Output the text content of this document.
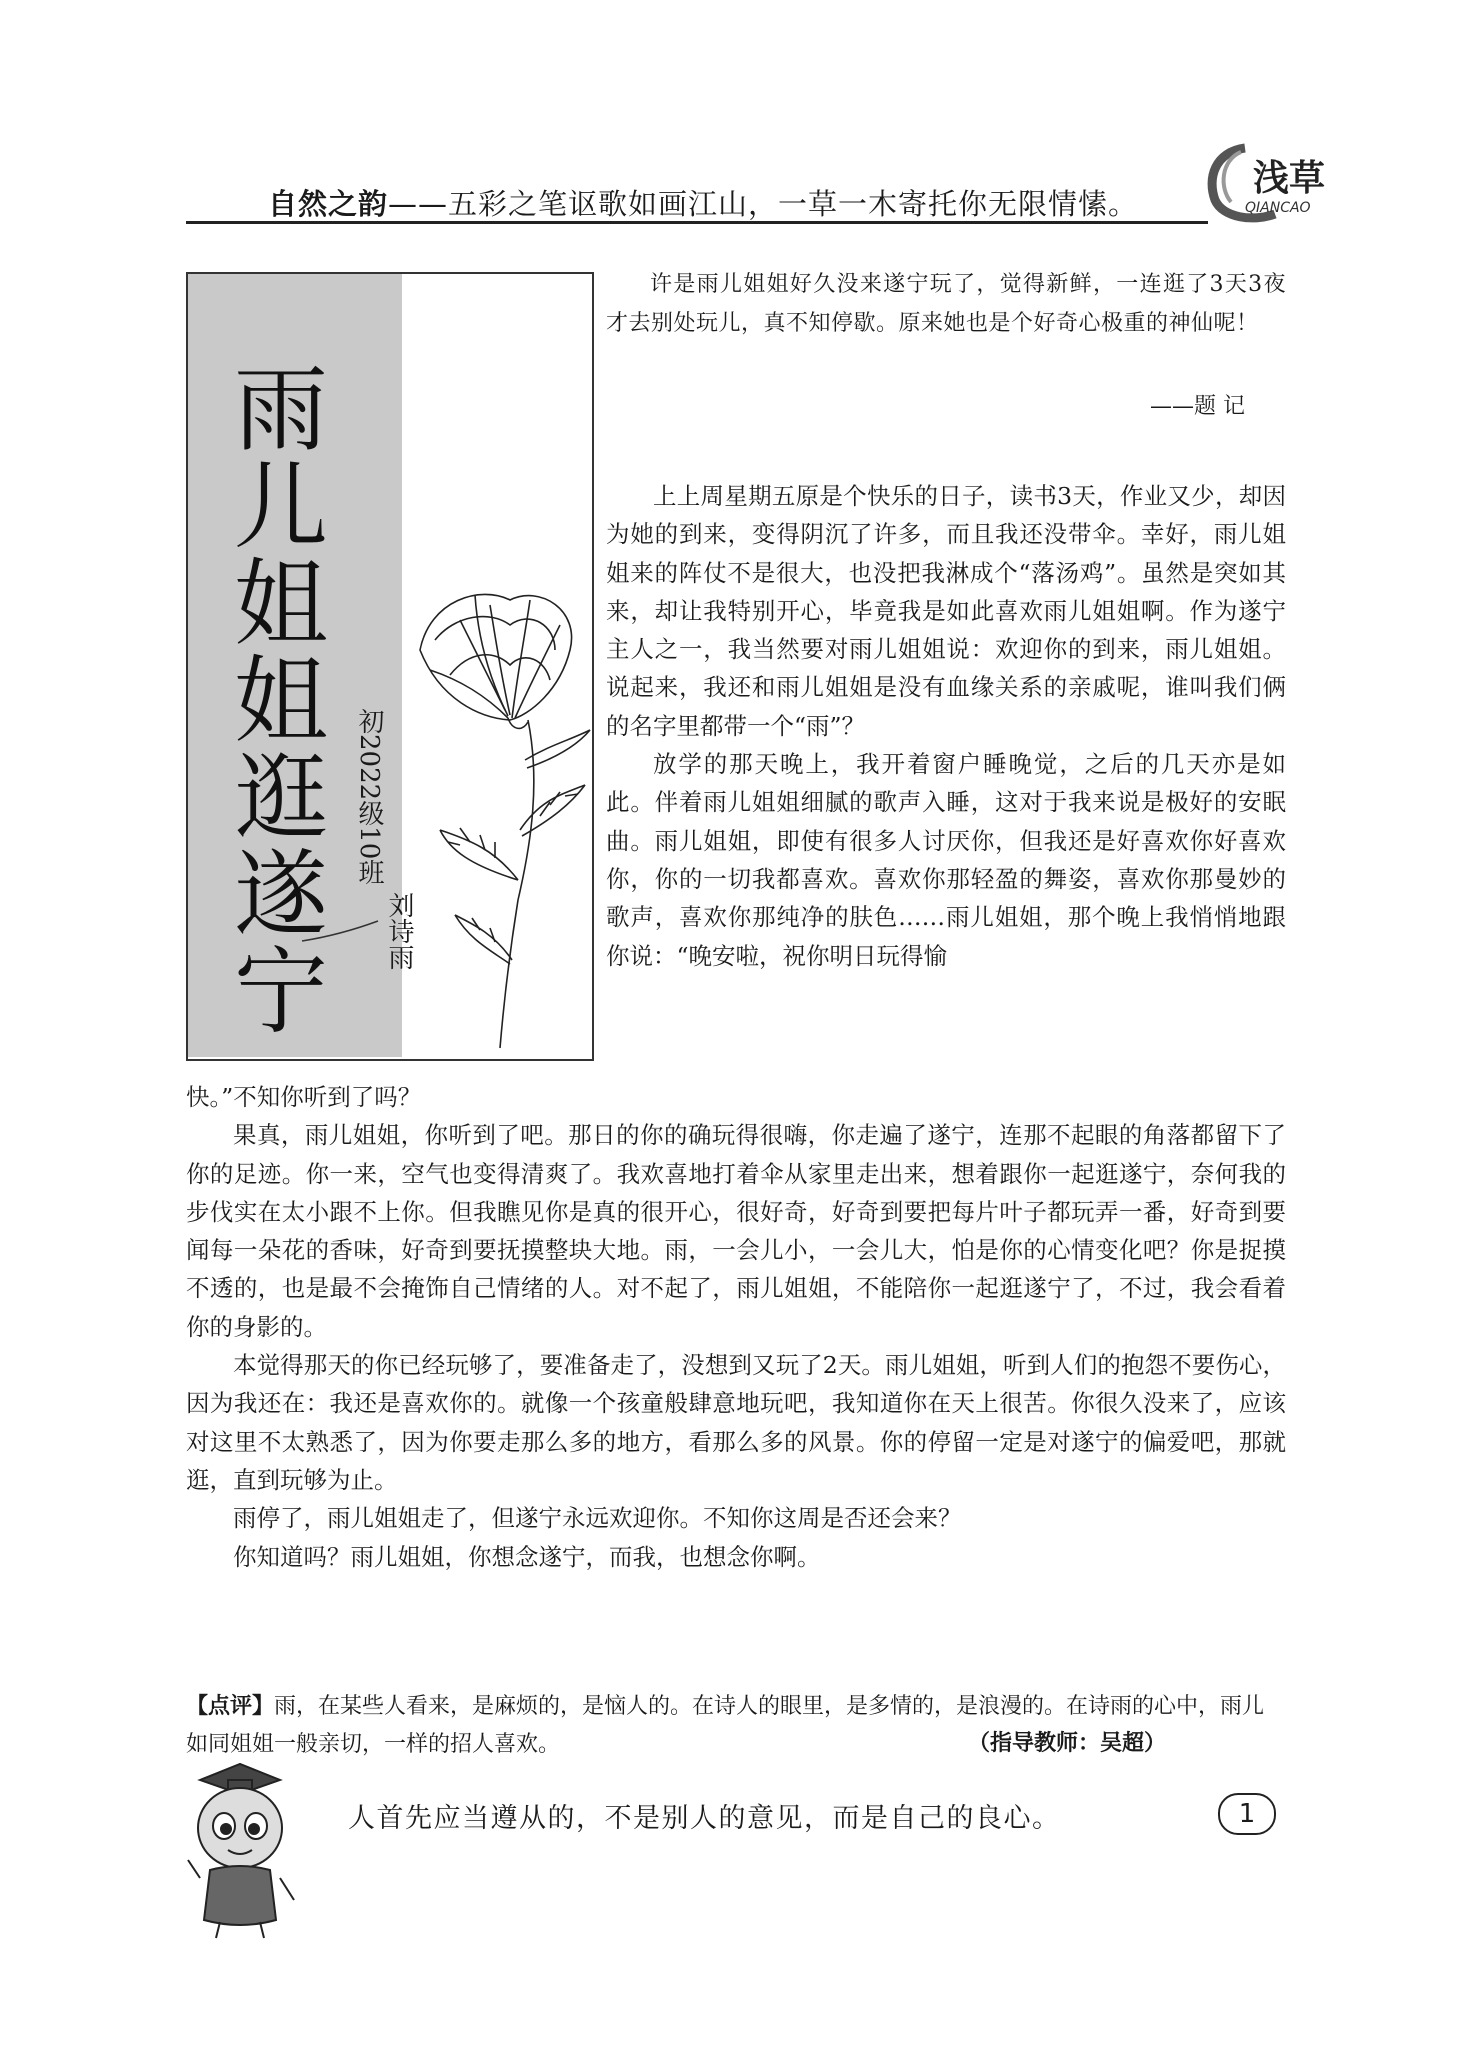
自然之韵——五彩之笔讴歌如画江山，一草一木寄托你无限情愫。
浅草
QIANCAO
雨
儿
姐
姐
逛
遂
宁
初2022级10班
刘诗雨
许是雨儿姐姐好久没来遂宁玩了，觉得新鲜，一连逛了3天3夜才去别处玩儿，真不知停歇。原来她也是个好奇心极重的神仙呢！
——题 记
上上周星期五原是个快乐的日子，读书3天，作业又少，却因为她的到来，变得阴沉了许多，而且我还没带伞。幸好，雨儿姐姐来的阵仗不是很大，也没把我淋成个“落汤鸡”。虽然是突如其来，却让我特别开心，毕竟我是如此喜欢雨儿姐姐啊。作为遂宁主人之一，我当然要对雨儿姐姐说：欢迎你的到来，雨儿姐姐。说起来，我还和雨儿姐姐是没有血缘关系的亲戚呢，谁叫我们俩的名字里都带一个“雨”？
放学的那天晚上，我开着窗户睡晚觉，之后的几天亦是如此。伴着雨儿姐姐细腻的歌声入睡，这对于我来说是极好的安眠曲。雨儿姐姐，即使有很多人讨厌你，但我还是好喜欢你好喜欢你，你的一切我都喜欢。喜欢你那轻盈的舞姿，喜欢你那曼妙的歌声，喜欢你那纯净的肤色……雨儿姐姐，那个晚上我悄悄地跟你说：“晚安啦，祝你明日玩得愉
快。”不知你听到了吗？
果真，雨儿姐姐，你听到了吧。那日的你的确玩得很嗨，你走遍了遂宁，连那不起眼的角落都留下了你的足迹。你一来，空气也变得清爽了。我欢喜地打着伞从家里走出来，想着跟你一起逛遂宁，奈何我的步伐实在太小跟不上你。但我瞧见你是真的很开心，很好奇，好奇到要把每片叶子都玩弄一番，好奇到要闻每一朵花的香味，好奇到要抚摸整块大地。雨，一会儿小，一会儿大，怕是你的心情变化吧？你是捉摸不透的，也是最不会掩饰自己情绪的人。对不起了，雨儿姐姐，不能陪你一起逛遂宁了，不过，我会看着你的身影的。
本觉得那天的你已经玩够了，要准备走了，没想到又玩了2天。雨儿姐姐，听到人们的抱怨不要伤心，因为我还在：我还是喜欢你的。就像一个孩童般肆意地玩吧，我知道你在天上很苦。你很久没来了，应该对这里不太熟悉了，因为你要走那么多的地方，看那么多的风景。你的停留一定是对遂宁的偏爱吧，那就逛，直到玩够为止。
雨停了，雨儿姐姐走了，但遂宁永远欢迎你。不知你这周是否还会来？
你知道吗？雨儿姐姐，你想念遂宁，而我，也想念你啊。
【点评】雨，在某些人看来，是麻烦的，是恼人的。在诗人的眼里，是多情的，是浪漫的。在诗雨的心中，雨儿如同姐姐一般亲切，一样的招人喜欢。	（指导教师：吴超）
人首先应当遵从的，不是别人的意见，而是自己的良心。	1
